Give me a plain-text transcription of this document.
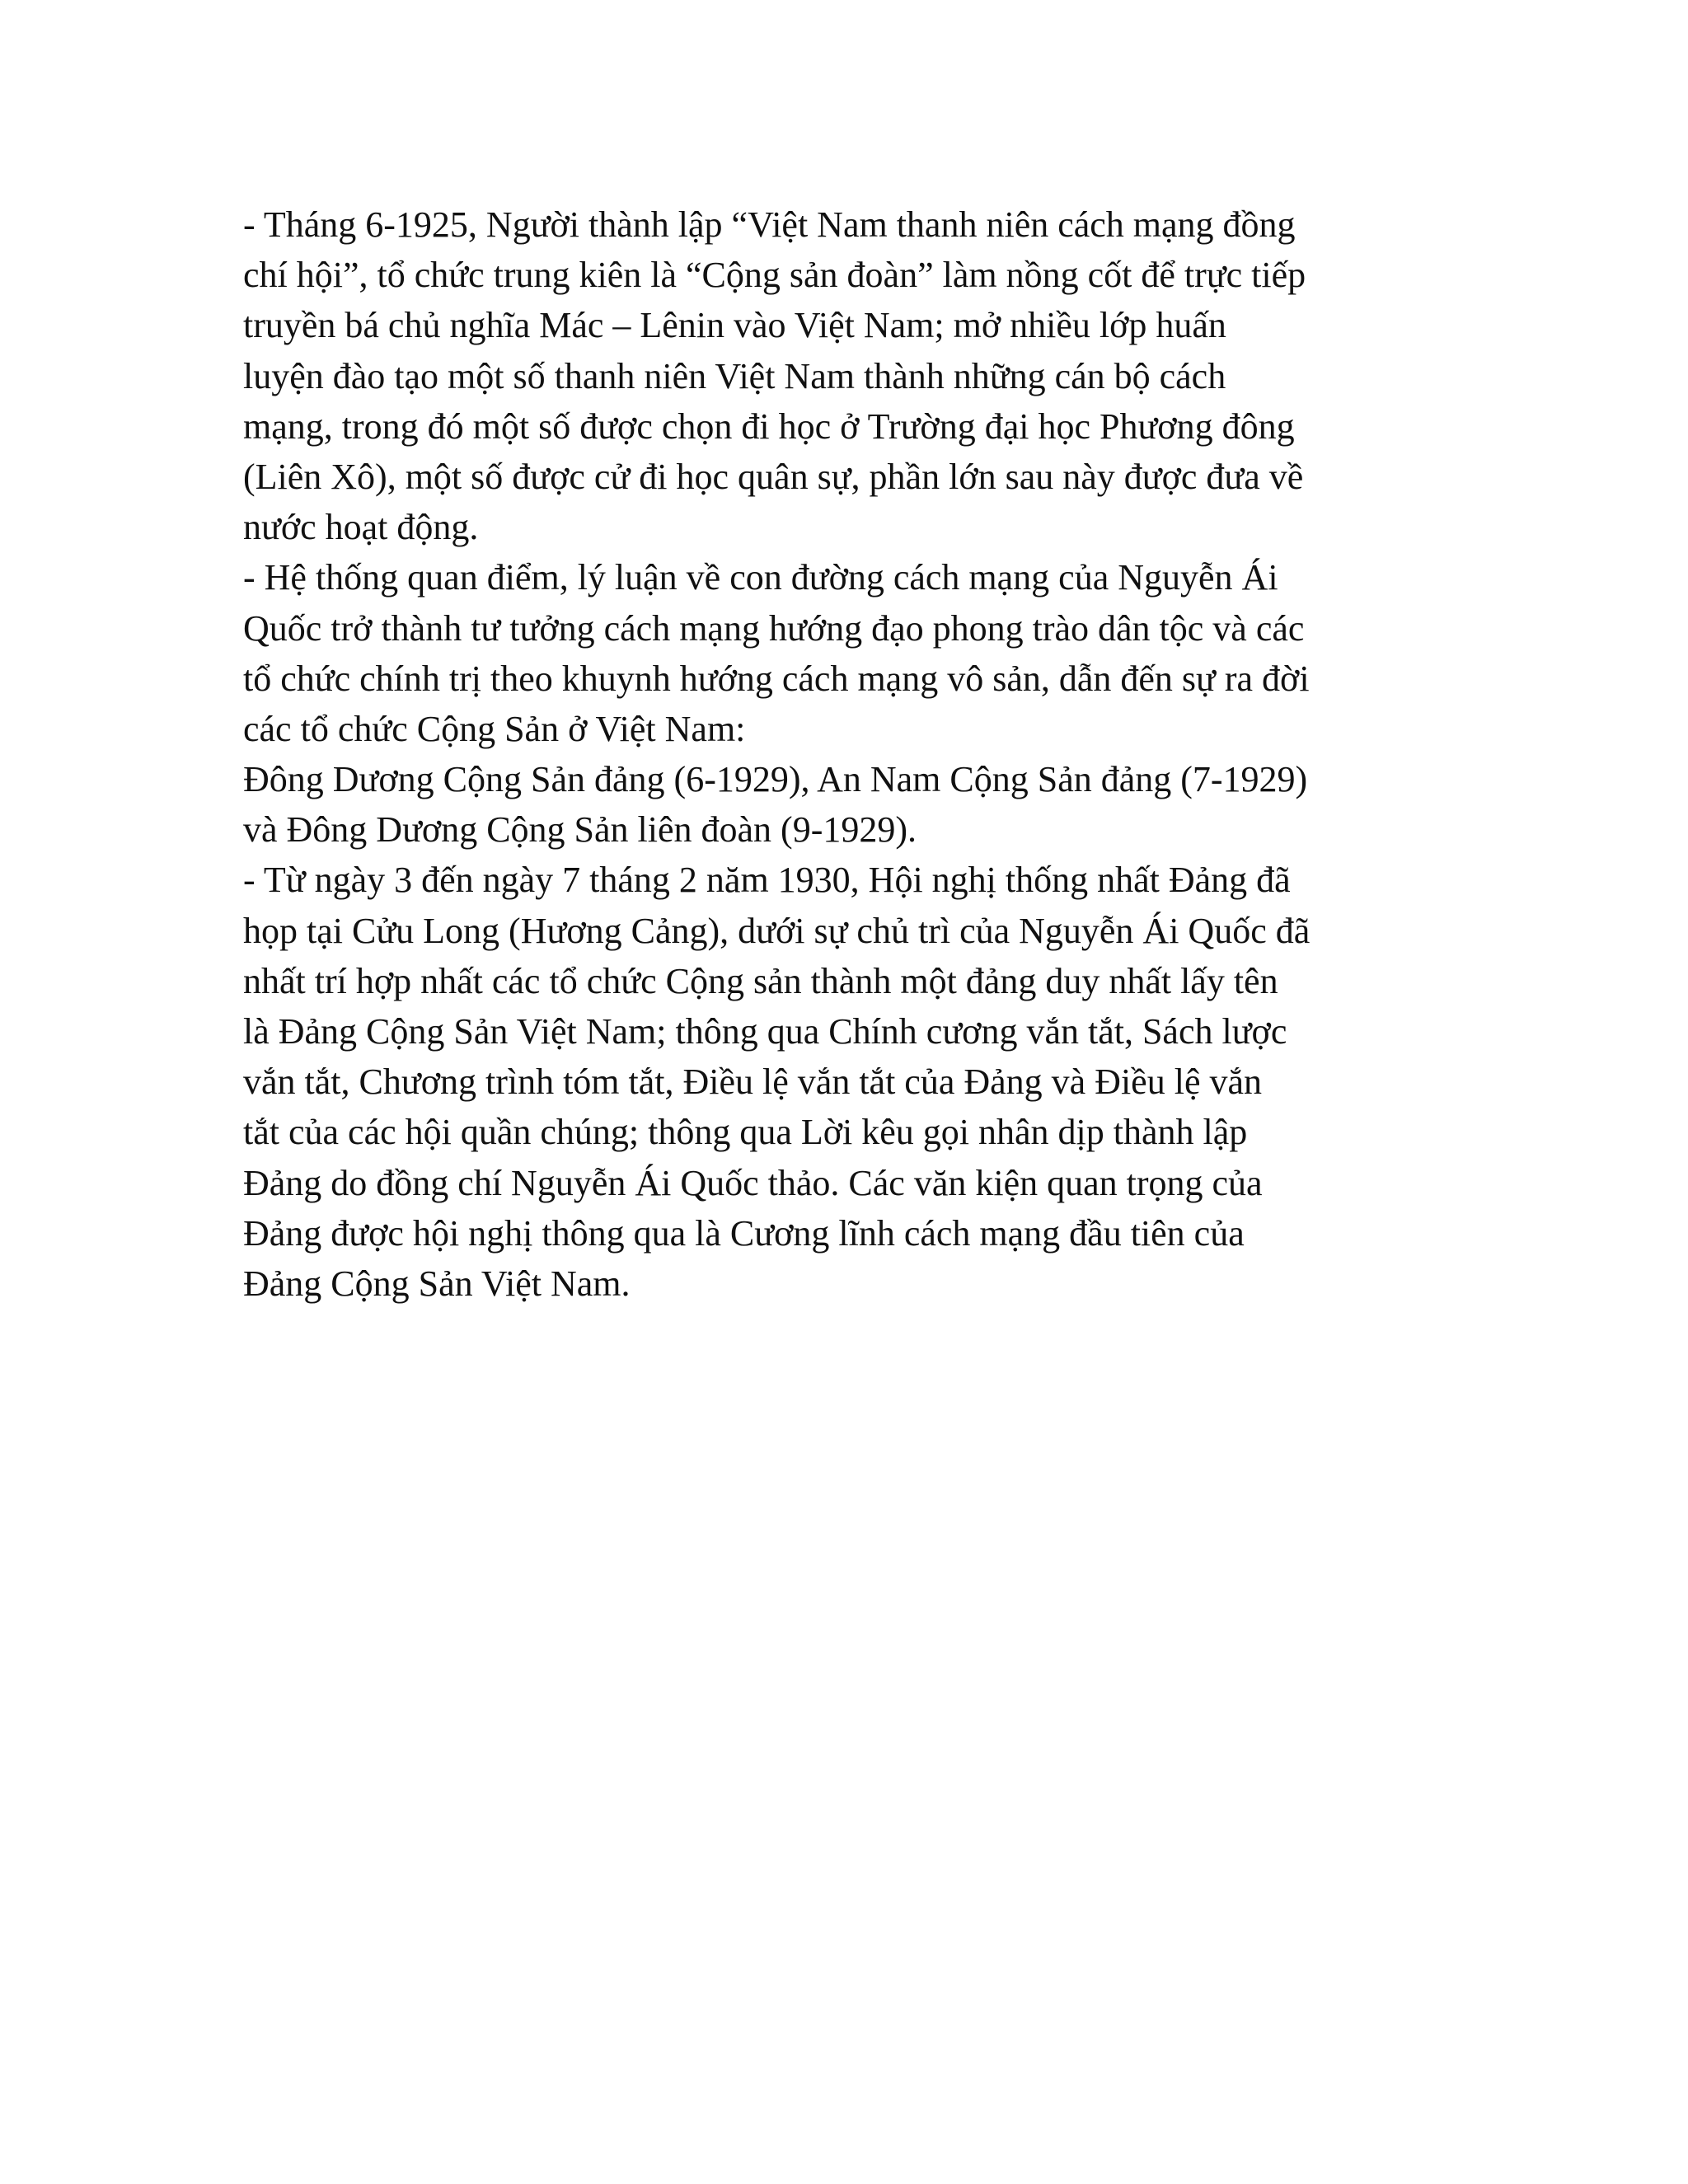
- Tháng 6-1925, Người thành lập “Việt Nam thanh niên cách mạng đồng
chí hội”, tổ chức trung kiên là “Cộng sản đoàn” làm nồng cốt để trực tiếp
truyền bá chủ nghĩa Mác – Lênin vào Việt Nam; mở nhiều lớp huấn
luyện đào tạo một số thanh niên Việt Nam thành những cán bộ cách
mạng, trong đó một số được chọn đi học ở Trường đại học Phương đông
(Liên Xô), một số được cử đi học quân sự, phần lớn sau này được đưa về
nước hoạt động.
- Hệ thống quan điểm, lý luận về con đường cách mạng của Nguyễn Ái
Quốc trở thành tư tưởng cách mạng hướng đạo phong trào dân tộc và các
tổ chức chính trị theo khuynh hướng cách mạng vô sản, dẫn đến sự ra đời
các tổ chức Cộng Sản ở Việt Nam:
Đông Dương Cộng Sản đảng (6-1929), An Nam Cộng Sản đảng (7-1929)
và Đông Dương Cộng Sản liên đoàn (9-1929).
- Từ ngày 3 đến ngày 7 tháng 2 năm 1930, Hội nghị thống nhất Đảng đã
họp tại Cửu Long (Hương Cảng), dưới sự chủ trì của Nguyễn Ái Quốc đã
nhất trí hợp nhất các tổ chức Cộng sản thành một đảng duy nhất lấy tên
là Đảng Cộng Sản Việt Nam; thông qua Chính cương vắn tắt, Sách lược
vắn tắt, Chương trình tóm tắt, Điều lệ vắn tắt của Đảng và Điều lệ vắn
tắt của các hội quần chúng; thông qua Lời kêu gọi nhân dịp thành lập
Đảng do đồng chí Nguyễn Ái Quốc thảo. Các văn kiện quan trọng của
Đảng được hội nghị thông qua là Cương lĩnh cách mạng đầu tiên của
Đảng Cộng Sản Việt Nam.
